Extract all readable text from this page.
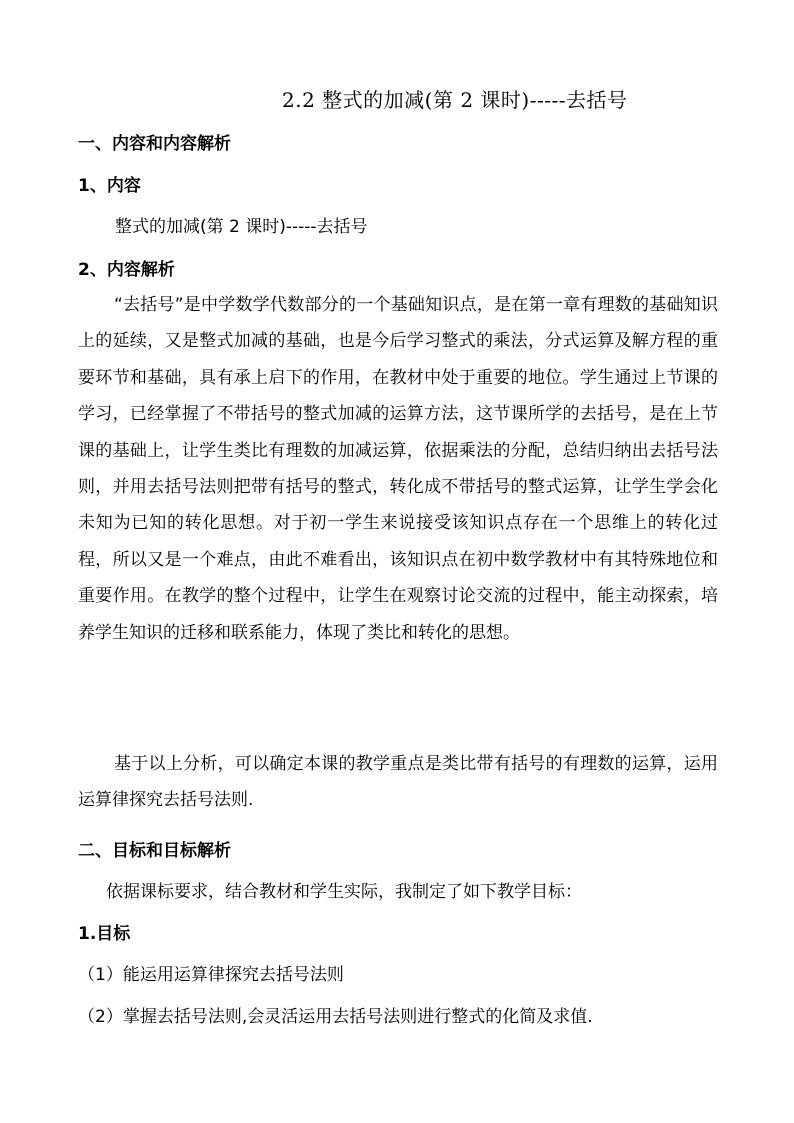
2.2 整式的加减(第 2 课时)-----去括号
一、内容和内容解析
1、内容
整式的加减(第 2 课时)-----去括号
2、内容解析
“去括号”是中学数学代数部分的一个基础知识点，是在第一章有理数的基础知识上的延续，又是整式加减的基础，也是今后学习整式的乘法，分式运算及解方程的重要环节和基础，具有承上启下的作用，在教材中处于重要的地位。学生通过上节课的学习，已经掌握了不带括号的整式加减的运算方法，这节课所学的去括号，是在上节课的基础上，让学生类比有理数的加减运算，依据乘法的分配，总结归纳出去括号法则，并用去括号法则把带有括号的整式，转化成不带括号的整式运算，让学生学会化未知为已知的转化思想。对于初一学生来说接受该知识点存在一个思维上的转化过程，所以又是一个难点，由此不难看出，该知识点在初中数学教材中有其特殊地位和重要作用。在教学的整个过程中，让学生在观察讨论交流的过程中，能主动探索，培养学生知识的迁移和联系能力，体现了类比和转化的思想。
基于以上分析，可以确定本课的教学重点是类比带有括号的有理数的运算，运用运算律探究去括号法则.
二、目标和目标解析
依据课标要求，结合教材和学生实际，我制定了如下教学目标：
1.目标
（1）能运用运算律探究去括号法则
（2）掌握去括号法则,会灵活运用去括号法则进行整式的化简及求值.
